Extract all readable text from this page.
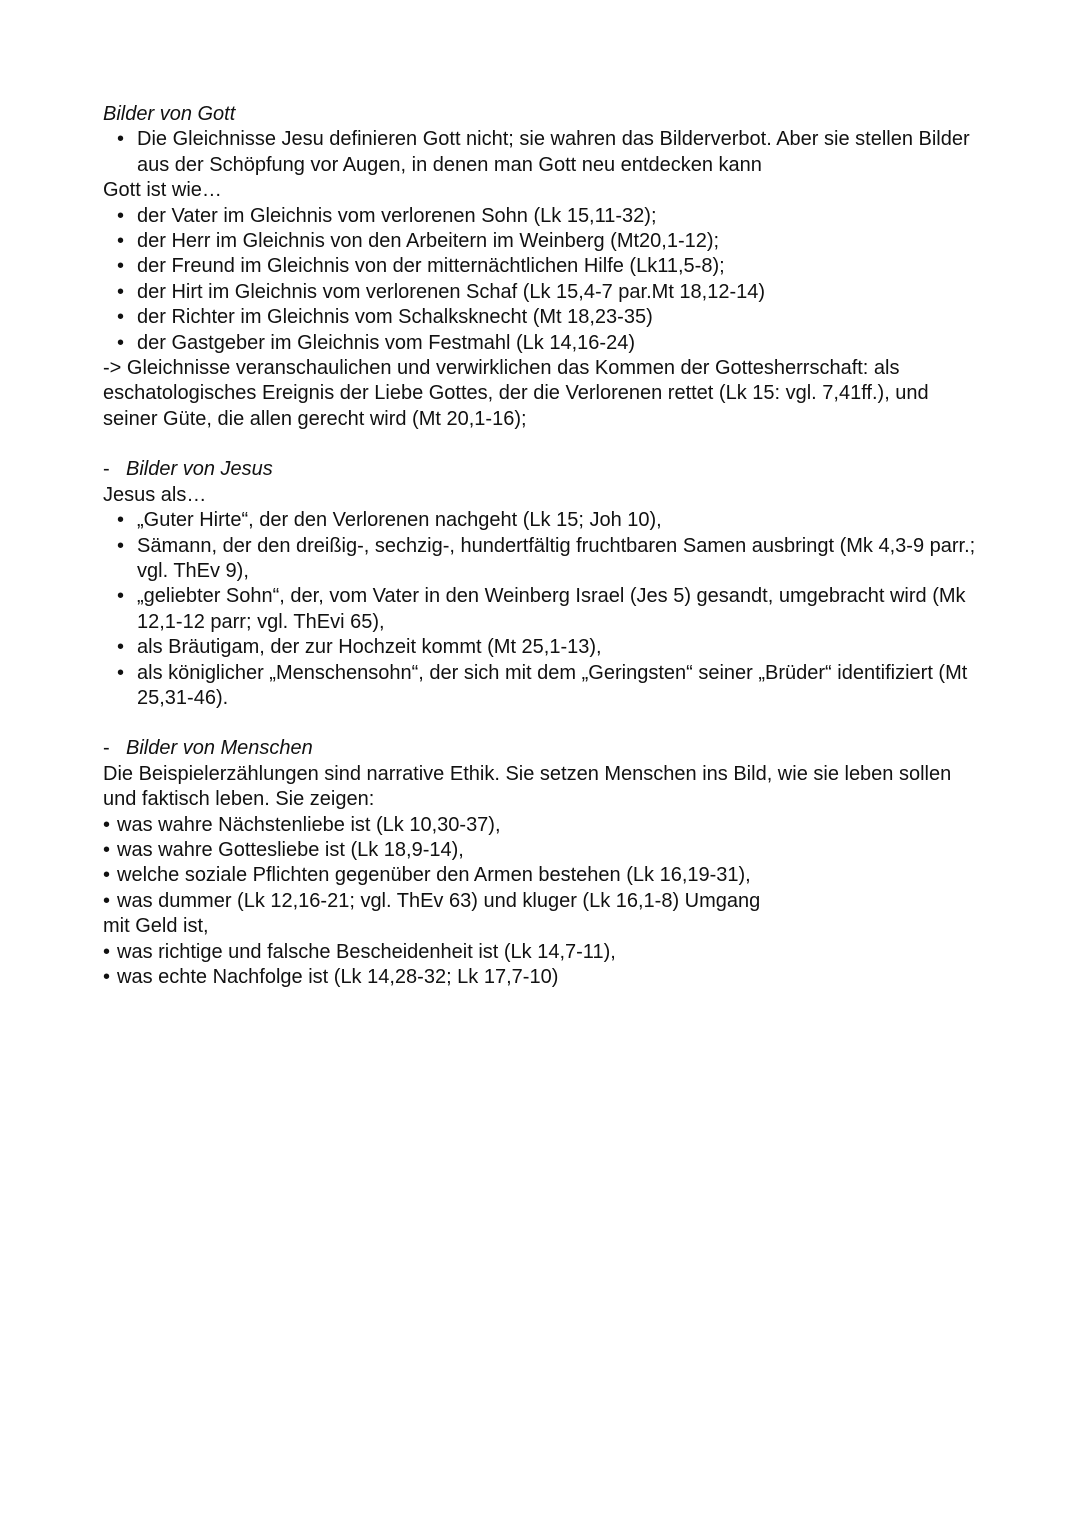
Bilder von Gott
• Die Gleichnisse Jesu definieren Gott nicht; sie wahren das Bilderverbot. Aber sie stellen Bilder aus der Schöpfung vor Augen, in denen man Gott neu entdecken kann
Gott ist wie…
• der Vater im Gleichnis vom verlorenen Sohn (Lk 15,11-32);
• der Herr im Gleichnis von den Arbeitern im Weinberg (Mt20,1-12);
• der Freund im Gleichnis von der mitternächtlichen Hilfe (Lk11,5-8);
• der Hirt im Gleichnis vom verlorenen Schaf (Lk 15,4-7 par.Mt 18,12-14)
• der Richter im Gleichnis vom Schalksknecht (Mt 18,23-35)
• der Gastgeber im Gleichnis vom Festmahl (Lk 14,16-24)
-> Gleichnisse veranschaulichen und verwirklichen das Kommen der Gottesherrschaft: als eschatologisches Ereignis der Liebe Gottes, der die Verlorenen rettet (Lk 15: vgl. 7,41ff.), und seiner Güte, die allen gerecht wird (Mt 20,1-16);
- Bilder von Jesus
Jesus als…
• „Guter Hirte“, der den Verlorenen nachgeht (Lk 15; Joh 10),
• Sämann, der den dreißig-, sechzig-, hundertfältig fruchtbaren Samen ausbringt (Mk 4,3-9 parr.; vgl. ThEv 9),
• „geliebter Sohn“, der, vom Vater in den Weinberg Israel (Jes 5) gesandt, umgebracht wird (Mk 12,1-12 parr; vgl. ThEvi 65),
• als Bräutigam, der zur Hochzeit kommt (Mt 25,1-13),
• als königlicher „Menschensohn“, der sich mit dem „Geringsten“ seiner „Brüder“ identifiziert (Mt 25,31-46).
- Bilder von Menschen
Die Beispielerzählungen sind narrative Ethik. Sie setzen Menschen ins Bild, wie sie leben sollen und faktisch leben. Sie zeigen:
• was wahre Nächstenliebe ist (Lk 10,30-37),
• was wahre Gottesliebe ist (Lk 18,9-14),
• welche soziale Pflichten gegenüber den Armen bestehen (Lk 16,19-31),
• was dummer (Lk 12,16-21; vgl. ThEv 63) und kluger (Lk 16,1-8) Umgang
mit Geld ist,
• was richtige und falsche Bescheidenheit ist (Lk 14,7-11),
• was echte Nachfolge ist (Lk 14,28-32; Lk 17,7-10)
